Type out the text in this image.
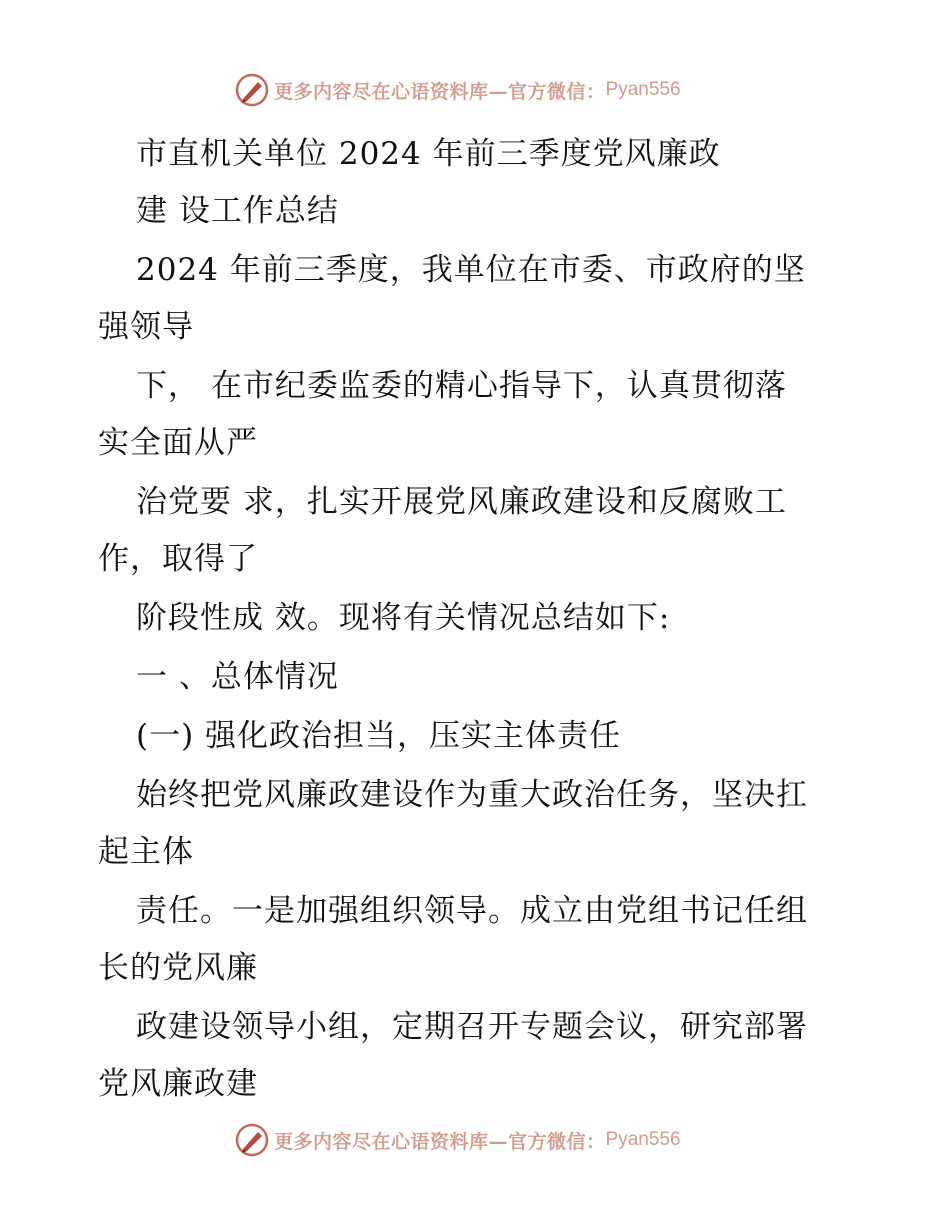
更多内容尽在心语资料库—官方微信： Pyan556
市直机关单位 2024 年前三季度党风廉政
建 设工作总结
2024 年前三季度，我单位在市委、市政府的坚
强领导
下， 在市纪委监委的精心指导下，认真贯彻落
实全面从严
治党要 求，扎实开展党风廉政建设和反腐败工
作，取得了
阶段性成 效。现将有关情况总结如下:
一 、总体情况
(一) 强化政治担当，压实主体责任
始终把党风廉政建设作为重大政治任务，坚决扛
起主体
责任。一是加强组织领导。成立由党组书记任组
长的党风廉
政建设领导小组，定期召开专题会议，研究部署
党风廉政建
更多内容尽在心语资料库—官方微信： Pyan556
